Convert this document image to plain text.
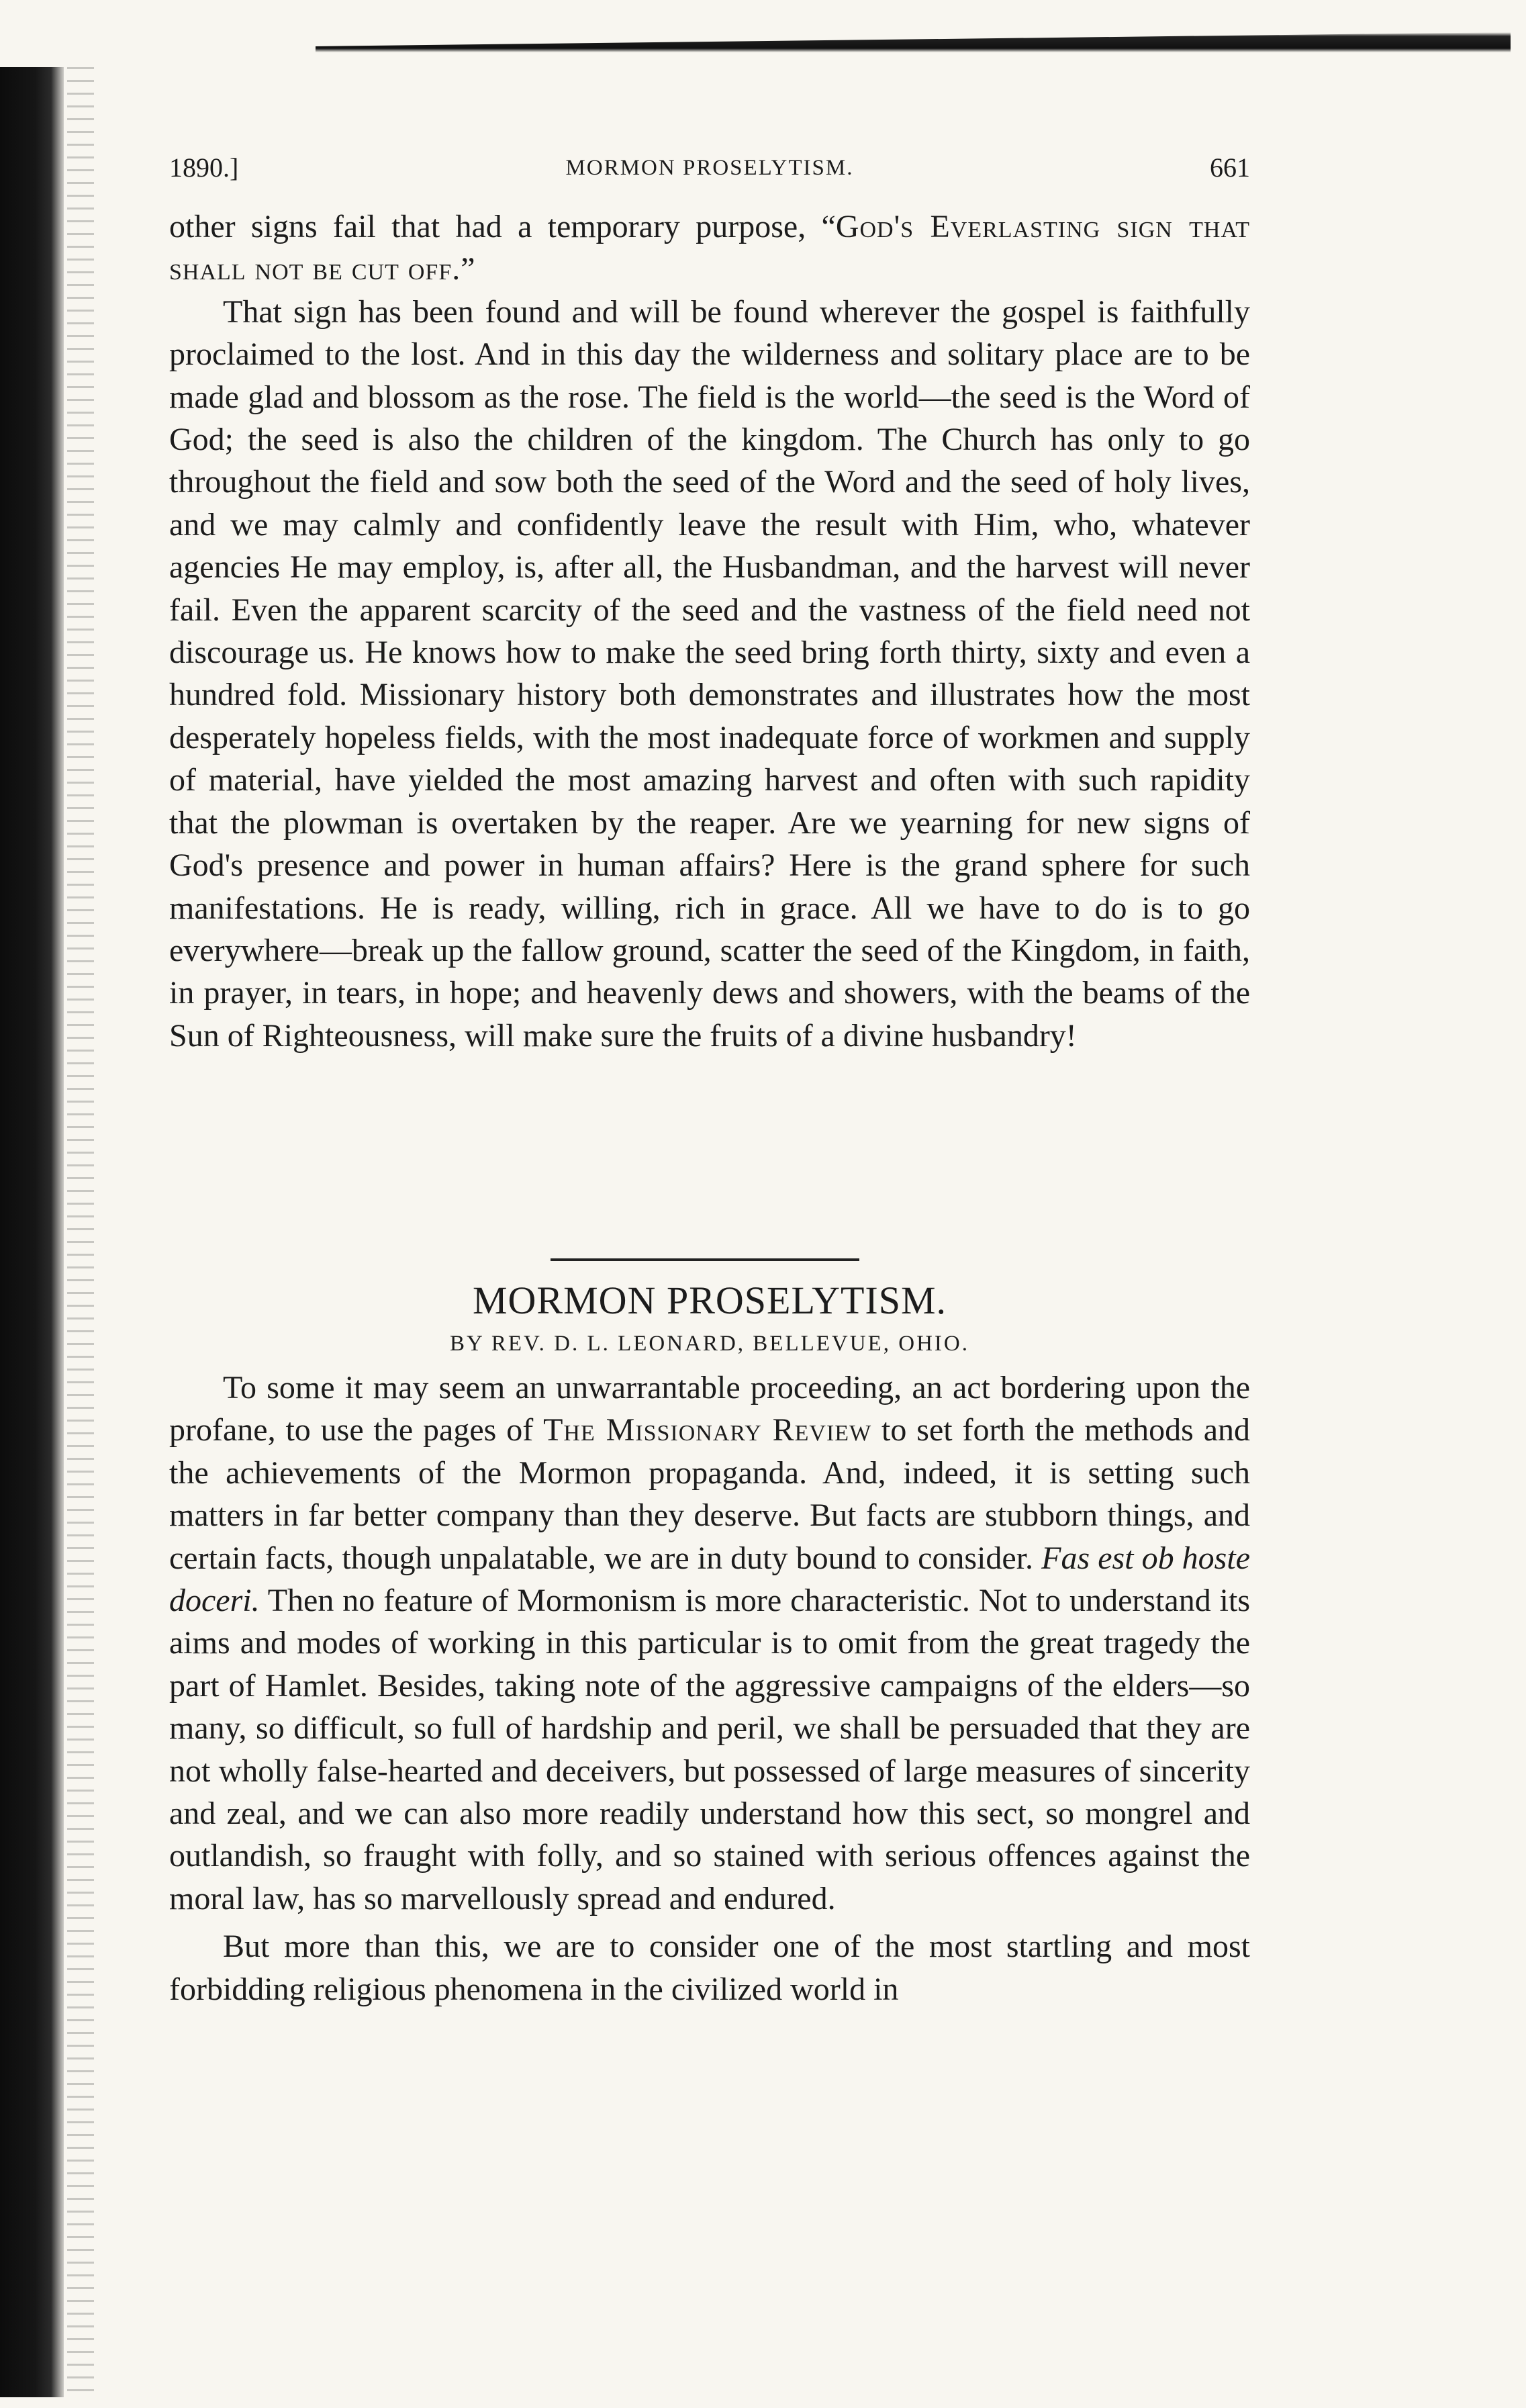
1890.]	MORMON PROSELYTISM.	661

other signs fail that had a temporary purpose, “God's Everlasting sign that shall not be cut off.”

That sign has been found and will be found wherever the gospel is faithfully proclaimed to the lost. And in this day the wilderness and solitary place are to be made glad and blossom as the rose. The field is the world—the seed is the Word of God; the seed is also the children of the kingdom. The Church has only to go throughout the field and sow both the seed of the Word and the seed of holy lives, and we may calmly and confidently leave the result with Him, who, whatever agencies He may employ, is, after all, the Husbandman, and the harvest will never fail. Even the apparent scarcity of the seed and the vastness of the field need not discourage us. He knows how to make the seed bring forth thirty, sixty and even a hundred fold. Missionary history both demonstrates and illustrates how the most desperately hopeless fields, with the most inadequate force of workmen and supply of material, have yielded the most amazing harvest and often with such rapidity that the plowman is overtaken by the reaper. Are we yearning for new signs of God's presence and power in human affairs? Here is the grand sphere for such manifestations. He is ready, willing, rich in grace. All we have to do is to go everywhere—break up the fallow ground, scatter the seed of the Kingdom, in faith, in prayer, in tears, in hope; and heavenly dews and showers, with the beams of the Sun of Righteousness, will make sure the fruits of a divine husbandry!

MORMON PROSELYTISM.
BY REV. D. L. LEONARD, BELLEVUE, OHIO.

To some it may seem an unwarrantable proceeding, an act bordering upon the profane, to use the pages of The Missionary Review to set forth the methods and the achievements of the Mormon propaganda. And, indeed, it is setting such matters in far better company than they deserve. But facts are stubborn things, and certain facts, though unpalatable, we are in duty bound to consider. Fas est ob hoste doceri. Then no feature of Mormonism is more characteristic. Not to understand its aims and modes of working in this particular is to omit from the great tragedy the part of Hamlet. Besides, taking note of the aggressive campaigns of the elders—so many, so difficult, so full of hardship and peril, we shall be persuaded that they are not wholly false-hearted and deceivers, but possessed of large measures of sincerity and zeal, and we can also more readily understand how this sect, so mongrel and outlandish, so fraught with folly, and so stained with serious offences against the moral law, has so marvellously spread and endured.

But more than this, we are to consider one of the most startling and most forbidding religious phenomena in the civilized world in
